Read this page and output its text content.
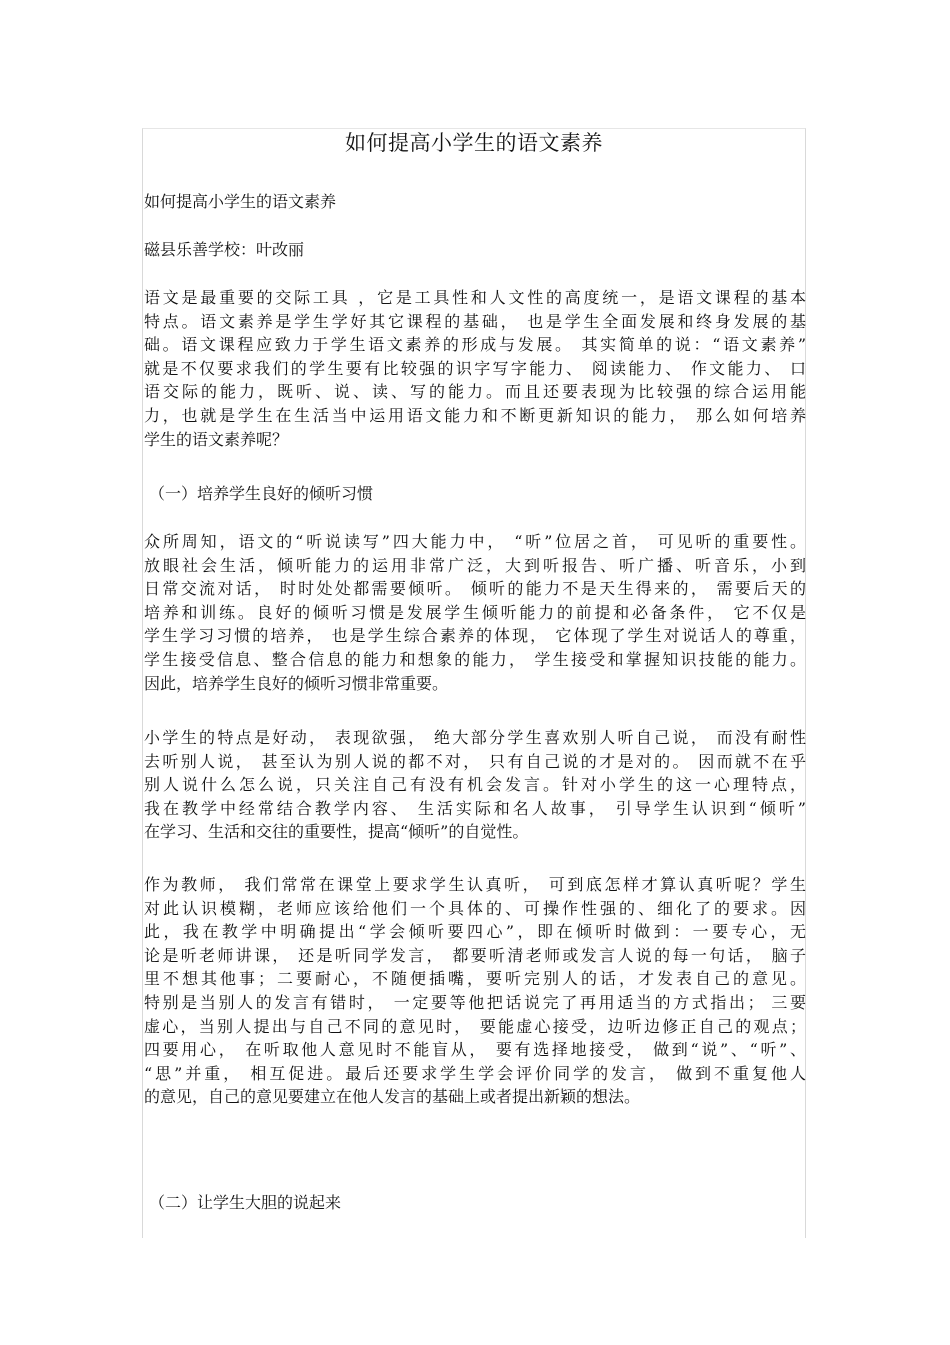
如何提高小学生的语文素养

如何提高小学生的语文素养

磁县乐善学校：叶改丽

语文是最重要的交际工具 ，它是工具性和人文性的高度统一，是语文课程的基本
特点。语文素养是学生学好其它课程的基础， 也是学生全面发展和终身发展的基
础。语文课程应致力于学生语文素养的形成与发展。 其实简单的说：“语文素养”
就是不仅要求我们的学生要有比较强的识字写字能力、 阅读能力、 作文能力、 口
语交际的能力，既听、说、读、写的能力。而且还要表现为比较强的综合运用能
力，也就是学生在生活当中运用语文能力和不断更新知识的能力， 那么如何培养
学生的语文素养呢？

（一）培养学生良好的倾听习惯

众所周知，语文的“听说读写”四大能力中， “听”位居之首， 可见听的重要性。
放眼社会生活，倾听能力的运用非常广泛，大到听报告、听广播、听音乐，小到
日常交流对话， 时时处处都需要倾听。 倾听的能力不是天生得来的， 需要后天的
培养和训练。良好的倾听习惯是发展学生倾听能力的前提和必备条件， 它不仅是
学生学习习惯的培养， 也是学生综合素养的体现， 它体现了学生对说话人的尊重，
学生接受信息、整合信息的能力和想象的能力， 学生接受和掌握知识技能的能力。
因此，培养学生良好的倾听习惯非常重要。

小学生的特点是好动， 表现欲强， 绝大部分学生喜欢别人听自己说， 而没有耐性
去听别人说， 甚至认为别人说的都不对， 只有自己说的才是对的。 因而就不在乎
别人说什么怎么说，只关注自己有没有机会发言。针对小学生的这一心理特点，
我在教学中经常结合教学内容、 生活实际和名人故事， 引导学生认识到“倾听”
在学习、生活和交往的重要性，提高“倾听”的自觉性。

作为教师， 我们常常在课堂上要求学生认真听， 可到底怎样才算认真听呢？学生
对此认识模糊，老师应该给他们一个具体的、可操作性强的、细化了的要求。因
此，我在教学中明确提出“学会倾听要四心”，即在倾听时做到：一要专心，无
论是听老师讲课， 还是听同学发言， 都要听清老师或发言人说的每一句话， 脑子
里不想其他事；二要耐心，不随便插嘴，要听完别人的话，才发表自己的意见。
特别是当别人的发言有错时， 一定要等他把话说完了再用适当的方式指出； 三要
虚心，当别人提出与自己不同的意见时， 要能虚心接受，边听边修正自己的观点；
四要用心， 在听取他人意见时不能盲从， 要有选择地接受， 做到“说”、“听”、
“思”并重， 相互促进。最后还要求学生学会评价同学的发言， 做到不重复他人
的意见，自己的意见要建立在他人发言的基础上或者提出新颖的想法。

（二）让学生大胆的说起来
